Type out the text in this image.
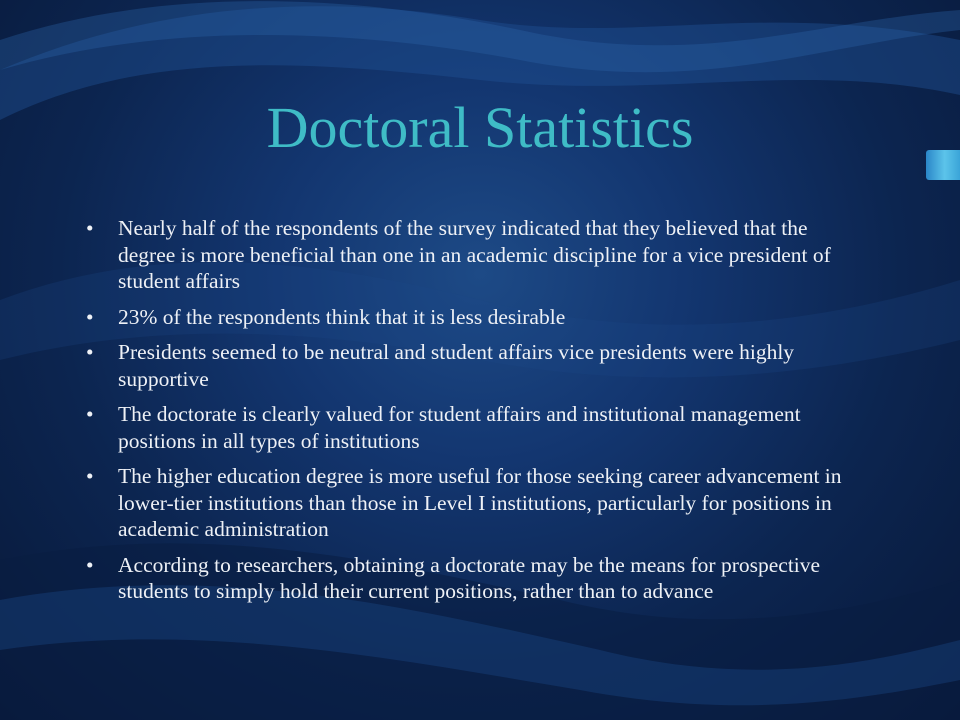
Doctoral Statistics
• Nearly half of the respondents of the survey indicated that they believed that the degree is more beneficial than one in an academic discipline for a vice president of student affairs
• 23% of the respondents think that it is less desirable
• Presidents seemed to be neutral and student affairs vice presidents were highly supportive
• The doctorate is clearly valued for student affairs and institutional management positions in all types of institutions
• The higher education degree is more useful for those seeking career advancement in lower-tier institutions than those in Level I institutions, particularly for positions in academic administration
• According to researchers, obtaining a doctorate may be the means for prospective students to simply hold their current positions, rather than to advance
